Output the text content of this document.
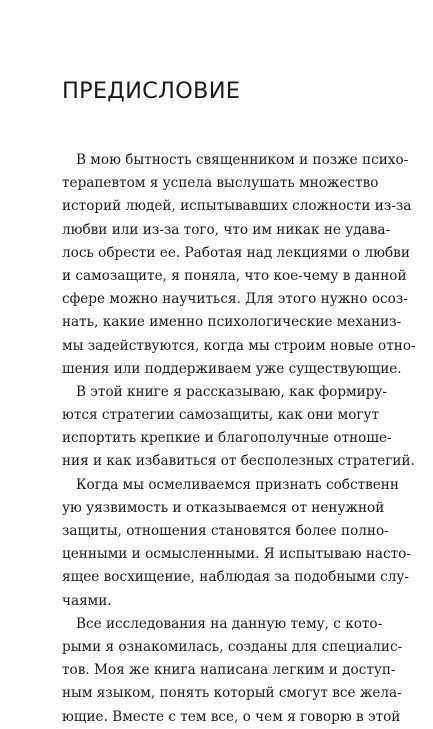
ПРЕДИСЛОВИЕ

В мою бытность священником и позже психо-
терапевтом я успела выслушать множество
историй людей, испытывавших сложности из-за
любви или из-за того, что им никак не удава-
лось обрести ее. Работая над лекциями о любви
и самозащите, я поняла, что кое-чему в данной
сфере можно научиться. Для этого нужно осоз-
нать, какие именно психологические механиз-
мы задействуются, когда мы строим новые отно-
шения или поддерживаем уже существующие.

В этой книге я рассказываю, как формиру-
ются стратегии самозащиты, как они могут
испортить крепкие и благополучные отноше-
ния и как избавиться от бесполезных стратегий.

Когда мы осмеливаемся признать собственн
ую уязвимость и отказываемся от ненужной
защиты, отношения становятся более полно-
ценными и осмысленными. Я испытываю насто-
ящее восхищение, наблюдая за подобными слу-
чаями.

Все исследования на данную тему, с кото-
рыми я ознакомилась, созданы для специалис-
тов. Моя же книга написана легким и доступ-
ным языком, понять который смогут все жела-
ющие. Вместе с тем все, о чем я говорю в этой
